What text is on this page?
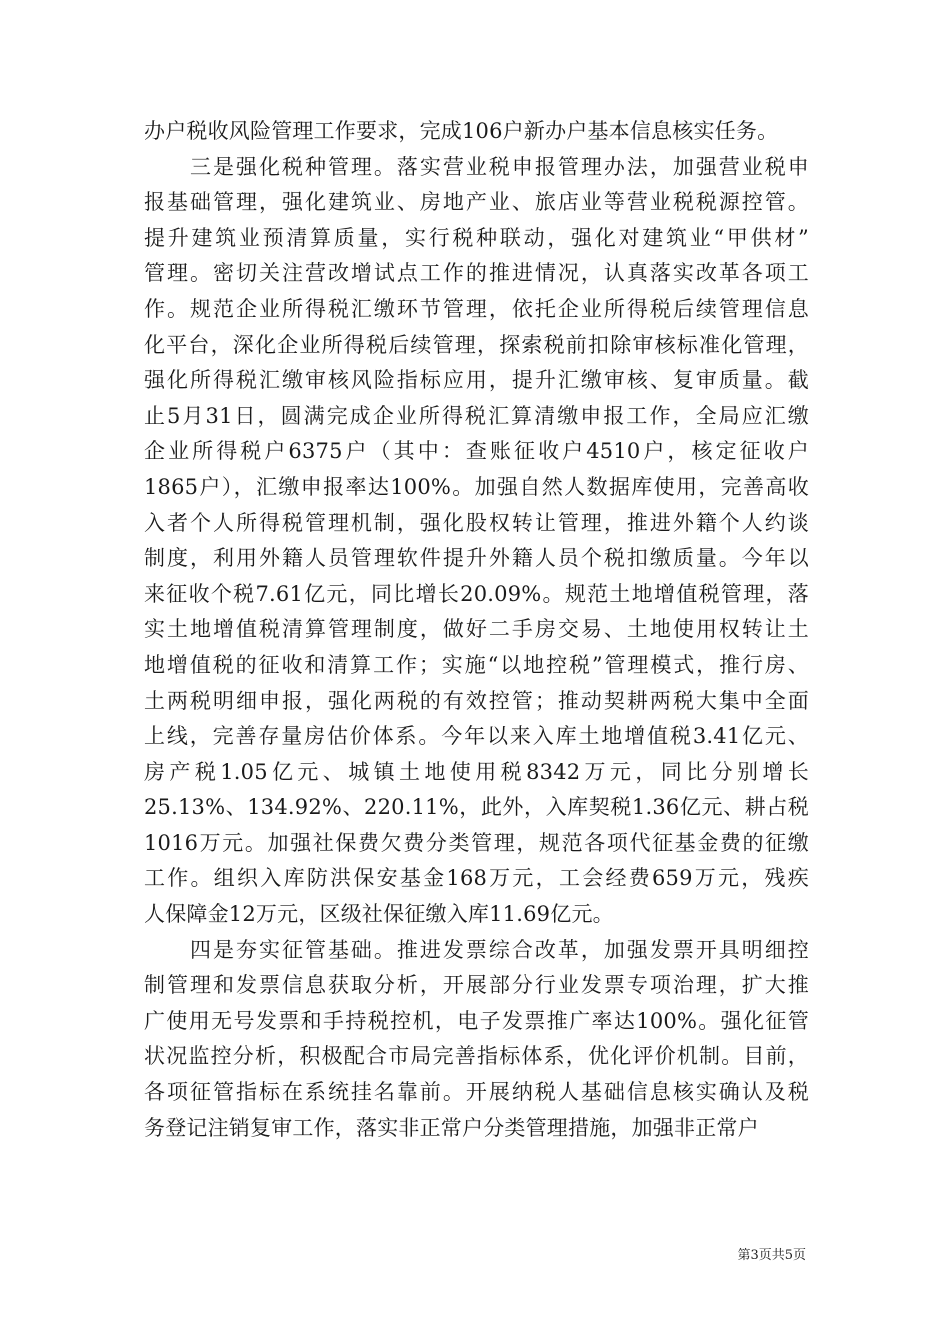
办户税收风险管理工作要求，完成106户新办户基本信息核实任务。

　　三是强化税种管理。落实营业税申报管理办法，加强营业税申
报基础管理，强化建筑业、房地产业、旅店业等营业税税源控管。
提升建筑业预清算质量，实行税种联动，强化对建筑业“甲供材”
管理。密切关注营改增试点工作的推进情况，认真落实改革各项工
作。规范企业所得税汇缴环节管理，依托企业所得税后续管理信息
化平台，深化企业所得税后续管理，探索税前扣除审核标准化管理，
强化所得税汇缴审核风险指标应用，提升汇缴审核、复审质量。截
止5月31日，圆满完成企业所得税汇算清缴申报工作，全局应汇缴
企业所得税户6375户（其中：查账征收户4510户，核定征收户
1865户），汇缴申报率达100%。加强自然人数据库使用，完善高收
入者个人所得税管理机制，强化股权转让管理，推进外籍个人约谈
制度，利用外籍人员管理软件提升外籍人员个税扣缴质量。今年以
来征收个税7.61亿元，同比增长20.09%。规范土地增值税管理，落
实土地增值税清算管理制度，做好二手房交易、土地使用权转让土
地增值税的征收和清算工作；实施“以地控税”管理模式，推行房、
土两税明细申报，强化两税的有效控管；推动契耕两税大集中全面
上线，完善存量房估价体系。今年以来入库土地增值税3.41亿元、
房产税1.05亿元、城镇土地使用税8342万元，同比分别增长
25.13%、134.92%、220.11%，此外，入库契税1.36亿元、耕占税
1016万元。加强社保费欠费分类管理，规范各项代征基金费的征缴
工作。组织入库防洪保安基金168万元，工会经费659万元，残疾
人保障金12万元，区级社保征缴入库11.69亿元。

　　四是夯实征管基础。推进发票综合改革，加强发票开具明细控
制管理和发票信息获取分析，开展部分行业发票专项治理，扩大推
广使用无号发票和手持税控机，电子发票推广率达100%。强化征管
状况监控分析，积极配合市局完善指标体系，优化评价机制。目前，
各项征管指标在系统挂名靠前。开展纳税人基础信息核实确认及税
务登记注销复审工作，落实非正常户分类管理措施，加强非正常户

第3页共5页
